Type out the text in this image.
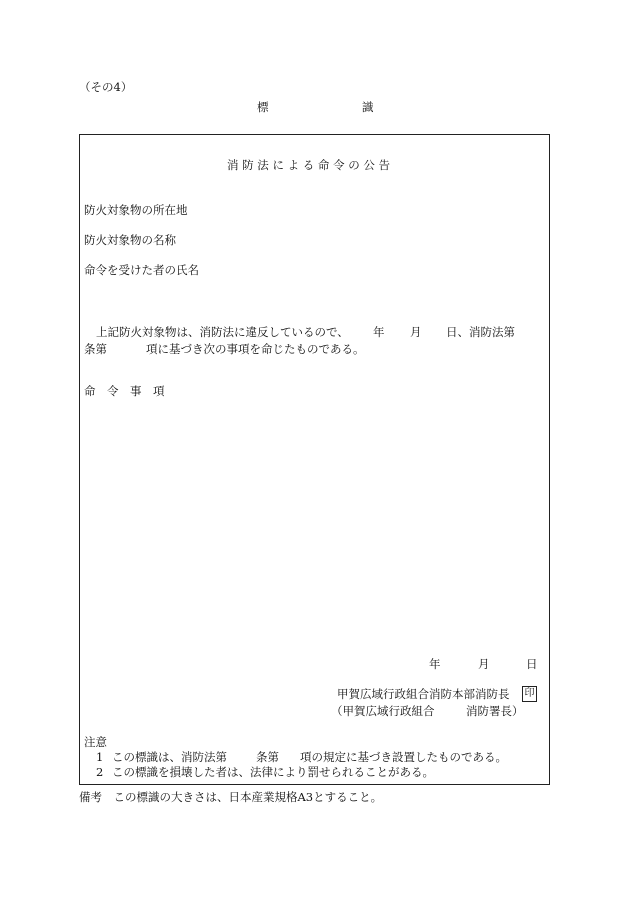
（その4）
標	識
消 防 法 に よ る 命 令 の 公 告
防火対象物の所在地
防火対象物の名称
命令を受けた者の氏名
上記防火対象物は、消防法に違反しているので、 年 月 日、消防法第
条第	項に基づき次の事項を命じたものである。
命　令　事　項
年	月	日
甲賀広域行政組合消防本部消防長 印
（甲賀広域行政組合	消防署長）
注意
1 この標識は、消防法第	条第 項の規定に基づき設置したものである。
2 この標識を損壊した者は、法律により罰せられることがある。
備考　この標識の大きさは、日本産業規格A3とすること。
